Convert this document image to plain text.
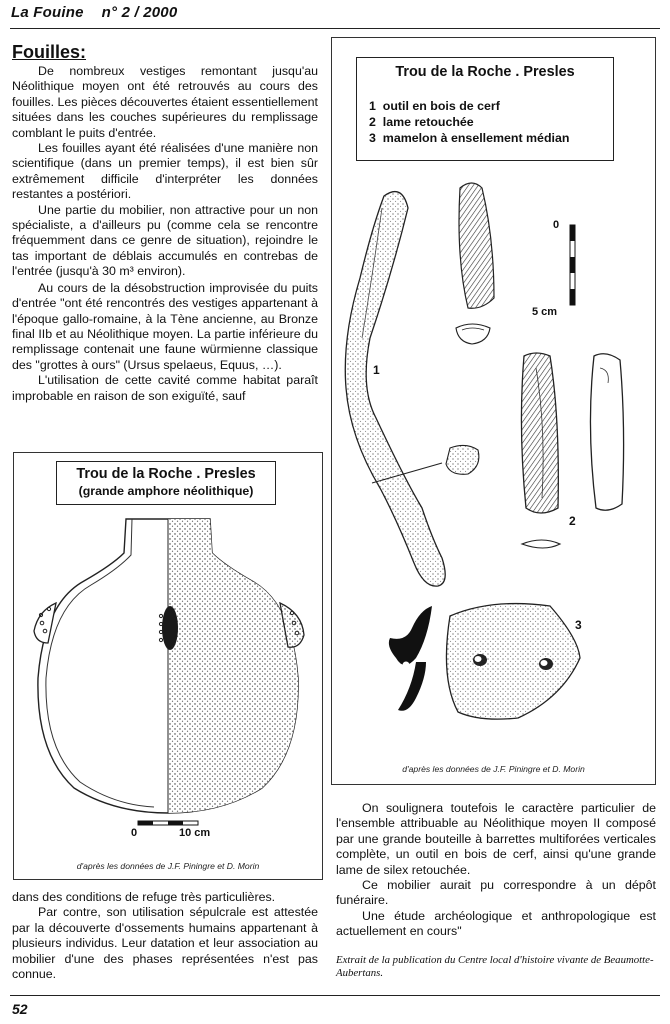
La Fouine n° 2 / 2000
Fouilles:

De nombreux vestiges remontant jusqu'au Néolithique moyen ont été retrouvés au cours des fouilles. Les pièces découvertes étaient essentiellement situées dans les couches supérieures du remplissage comblant le puits d'entrée.

Les fouilles ayant été réalisées d'une manière non scientifique (dans un premier temps), il est bien sûr extrêmement difficile d'interpréter les données restantes a postériori.

Une partie du mobilier, non attractive pour un non spécialiste, a d'ailleurs pu (comme cela se rencontre fréquemment dans ce genre de situation), rejoindre le tas important de déblais accumulés en contrebas de l'entrée (jusqu'à 30 m³ environ).

Au cours de la désobstruction improvisée du puits d'entrée "ont été rencontrés des vestiges appartenant à l'époque gallo-romaine, à la Tène ancienne, au Bronze final IIb et au Néolithique moyen. La partie inférieure du remplissage contenait une faune würmienne classique des "grottes à ours" (Ursus spelaeus, Equus, …).

L'utilisation de cette cavité comme habitat paraît improbable en raison de son exiguïté, sauf

Trou de la Roche . Presles
(grande amphore néolithique)
0	10 cm
d'après les données de J.F. Piningre et D. Morin

dans des conditions de refuge très particulières.

Par contre, son utilisation sépulcrale est attestée par la découverte d'ossements humains appartenant à plusieurs individus. Leur datation et leur association au mobilier d'une des phases représentées n'est pas connue.

Trou de la Roche . Presles
1 outil en bois de cerf
2 lame retouchée
3 mamelon à ensellement médian
0
5 cm
1
2
3
d'après les données de J.F. Piningre et D. Morin

On soulignera toutefois le caractère particulier de l'ensemble attribuable au Néolithique moyen II composé par une grande bouteille à barrettes multiforées verticales complète, un outil en bois de cerf, ainsi qu'une grande lame de silex retouchée.

Ce mobilier aurait pu correspondre à un dépôt funéraire.

Une étude archéologique et anthropologique est actuellement en cours"

Extrait de la publication du Centre local d'histoire vivante de Beaumotte-Aubertans.
52
